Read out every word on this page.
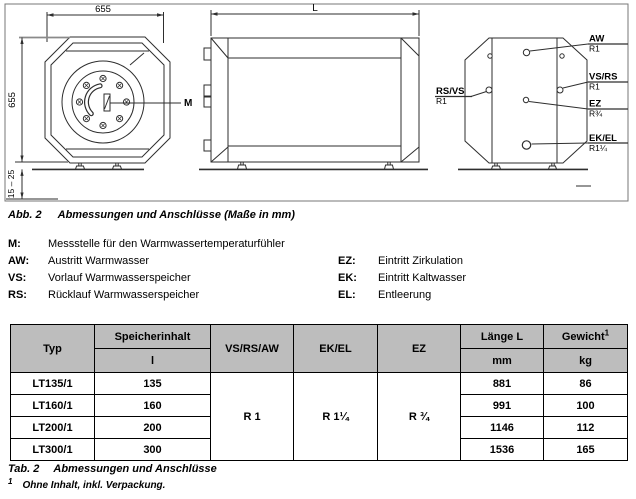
655
655
15 – 25
M
L
AW
R1
VS/RS
R1
EZ
R¾
EK/EL
R1¼
RS/VS
R1
Abb. 2 Abmessungen und Anschlüsse (Maße in mm)
M: Messstelle für den Warmwassertemperaturfühler
AW: Austritt Warmwasser
VS: Vorlauf Warmwasserspeicher
RS: Rücklauf Warmwasserspeicher
EZ: Eintritt Zirkulation
EK: Eintritt Kaltwasser
EL: Entleerung
Typ	Speicherinhalt	VS/RS/AW	EK/EL	EZ	Länge L	Gewicht$^1$
	l				mm	kg
LT135/1	135	R 1	R 1¼	R ¾	881	86
LT160/1	160				991	100
LT200/1	200				1146	112
LT300/1	300				1536	165
Tab. 2 Abmessungen und Anschlüsse
$^1$ Ohne Inhalt, inkl. Verpackung.
